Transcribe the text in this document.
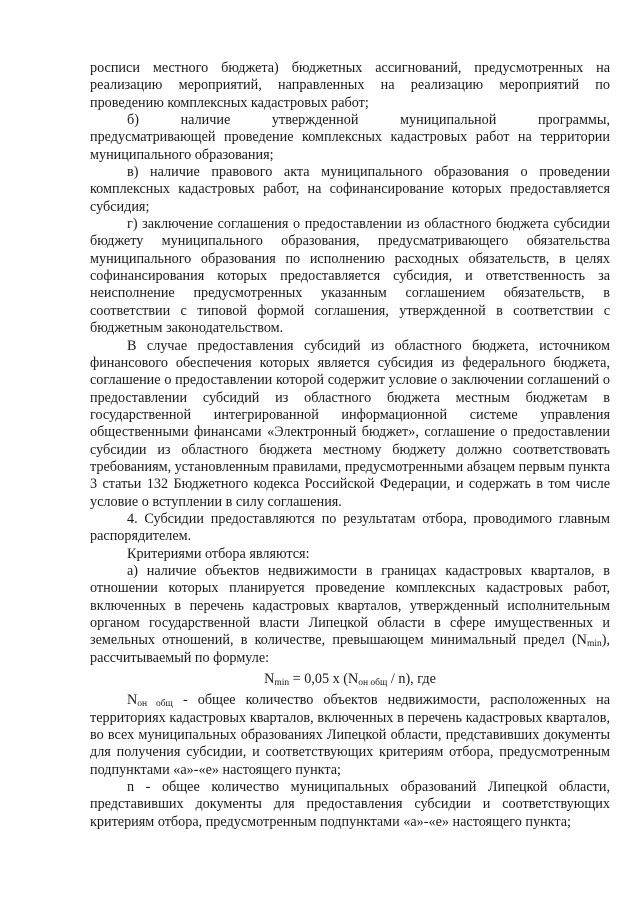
росписи местного бюджета) бюджетных ассигнований, предусмотренных на реализацию мероприятий, направленных на реализацию мероприятий по проведению комплексных кадастровых работ;

б)	наличие	утвержденной	муниципальной	программы,

предусматривающей проведение комплексных кадастровых работ на территории муниципального образования;

в) наличие правового акта муниципального образования о проведении комплексных кадастровых работ, на софинансирование которых предоставляется субсидия;

г) заключение соглашения о предоставлении из областного бюджета субсидии бюджету муниципального образования, предусматривающего обязательства муниципального образования по исполнению расходных обязательств, в целях софинансирования которых предоставляется субсидия, и ответственность за неисполнение предусмотренных указанным соглашением обязательств, в соответствии с типовой формой соглашения, утвержденной в соответствии с бюджетным законодательством.

В случае предоставления субсидий из областного бюджета, источником финансового обеспечения которых является субсидия из федерального бюджета, соглашение о предоставлении которой содержит условие о заключении соглашений о предоставлении субсидий из областного бюджета местным бюджетам в государственной интегрированной информационной системе управления общественными финансами «Электронный бюджет», соглашение о предоставлении субсидии из областного бюджета местному бюджету должно соответствовать требованиям, установленным правилами, предусмотренными абзацем первым пункта 3 статьи 132 Бюджетного кодекса Российской Федерации, и содержать в том числе условие о вступлении в силу соглашения.

4. Субсидии предоставляются по результатам отбора, проводимого главным распорядителем.

Критериями отбора являются:

а) наличие объектов недвижимости в границах кадастровых кварталов, в отношении которых планируется проведение комплексных кадастровых работ, включенных в перечень кадастровых кварталов, утвержденный исполнительным органом государственной власти Липецкой области в сфере имущественных и земельных отношений, в количестве, превышающем минимальный предел $(N_{min})$, рассчитываемый по формуле:

$N_{min} = 0,05$ x $(N_{он общ} / n)$, где

$N_{он общ}$ - общее количество объектов недвижимости, расположенных на территориях кадастровых кварталов, включенных в перечень кадастровых кварталов, во всех муниципальных образованиях Липецкой области, представивших документы для получения субсидии, и соответствующих критериям отбора, предусмотренным подпунктами «а»-«е» настоящего пункта;

n - общее количество муниципальных образований Липецкой области, представивших документы для предоставления субсидии и соответствующих критериям отбора, предусмотренным подпунктами «а»-«е» настоящего пункта;
